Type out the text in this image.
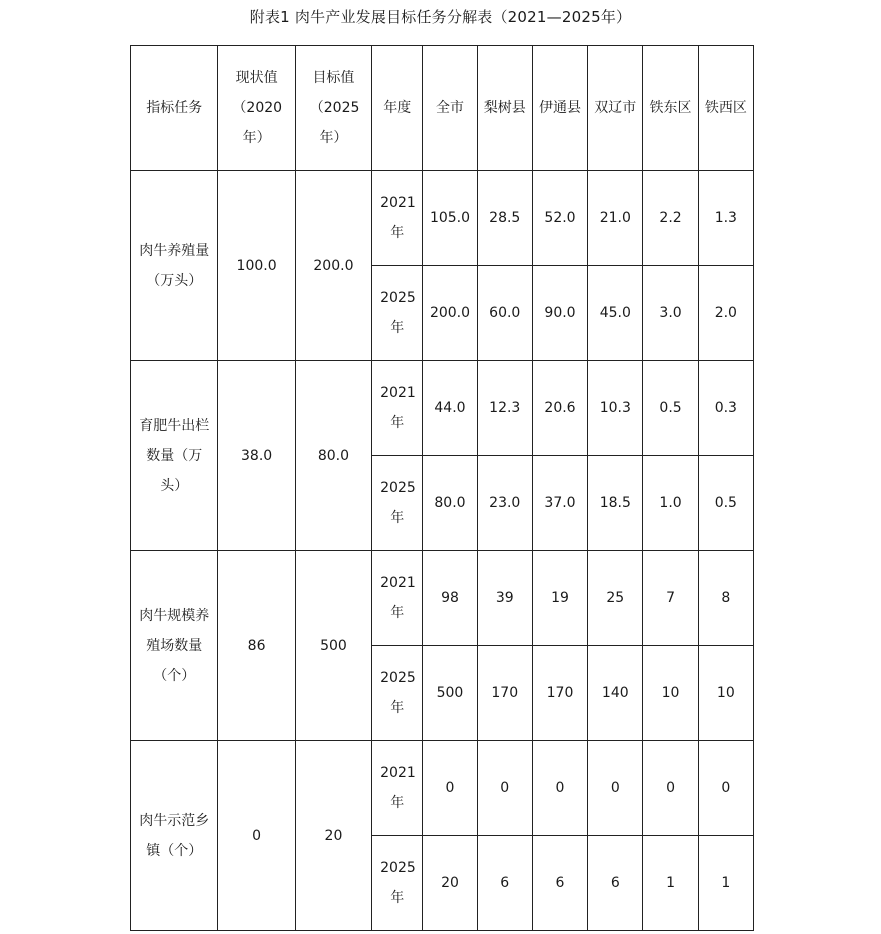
附表1 肉牛产业发展目标任务分解表（2021—2025年）
指标任务	现状值（2020年）	目标值（2025年）	年度	全市	梨树县	伊通县	双辽市	铁东区	铁西区
肉牛养殖量（万头）	100.0	200.0	2021年	105.0	28.5	52.0	21.0	2.2	1.3
			2025年	200.0	60.0	90.0	45.0	3.0	2.0
育肥牛出栏数量（万头）	38.0	80.0	2021年	44.0	12.3	20.6	10.3	0.5	0.3
			2025年	80.0	23.0	37.0	18.5	1.0	0.5
肉牛规模养殖场数量（个）	86	500	2021年	98	39	19	25	7	8
			2025年	500	170	170	140	10	10
肉牛示范乡镇（个）	0	20	2021年	0	0	0	0	0	0
			2025年	20	6	6	6	1	1
